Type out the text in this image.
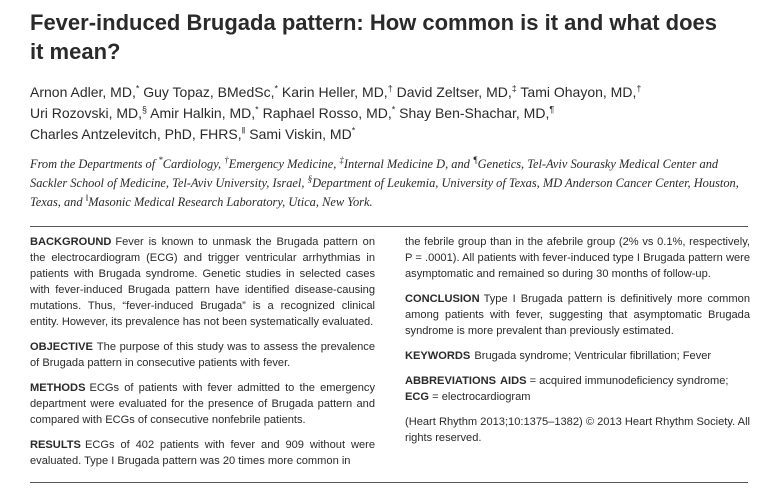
Fever-induced Brugada pattern: How common is it and what does it mean?
Arnon Adler, MD,* Guy Topaz, BMedSc,* Karin Heller, MD,† David Zeltser, MD,‡ Tami Ohayon, MD,†
Uri Rozovski, MD,§ Amir Halkin, MD,* Raphael Rosso, MD,* Shay Ben-Shachar, MD,¶
Charles Antzelevitch, PhD, FHRS,‖ Sami Viskin, MD*
From the Departments of *Cardiology, †Emergency Medicine, ‡Internal Medicine D, and ¶Genetics, Tel-Aviv Sourasky Medical Center and Sackler School of Medicine, Tel-Aviv University, Israel, §Department of Leukemia, University of Texas, MD Anderson Cancer Center, Houston, Texas, and ‖Masonic Medical Research Laboratory, Utica, New York.

BACKGROUND Fever is known to unmask the Brugada pattern on the electrocardiogram (ECG) and trigger ventricular arrhythmias in patients with Brugada syndrome. Genetic studies in selected cases with fever-induced Brugada pattern have identified disease-causing mutations. Thus, “fever-induced Brugada” is a recognized clinical entity. However, its prevalence has not been systematically evaluated.

OBJECTIVE The purpose of this study was to assess the prevalence of Brugada pattern in consecutive patients with fever.

METHODS ECGs of patients with fever admitted to the emergency department were evaluated for the presence of Brugada pattern and compared with ECGs of consecutive nonfebrile patients.

RESULTS ECGs of 402 patients with fever and 909 without were evaluated. Type I Brugada pattern was 20 times more common in

the febrile group than in the afebrile group (2% vs 0.1%, respectively, P = .0001). All patients with fever-induced type I Brugada pattern were asymptomatic and remained so during 30 months of follow-up.

CONCLUSION Type I Brugada pattern is definitively more common among patients with fever, suggesting that asymptomatic Brugada syndrome is more prevalent than previously estimated.

KEYWORDS Brugada syndrome; Ventricular fibrillation; Fever

ABBREVIATIONS AIDS = acquired immunodeficiency syndrome;
ECG = electrocardiogram

(Heart Rhythm 2013;10:1375–1382) © 2013 Heart Rhythm Society. All rights reserved.
